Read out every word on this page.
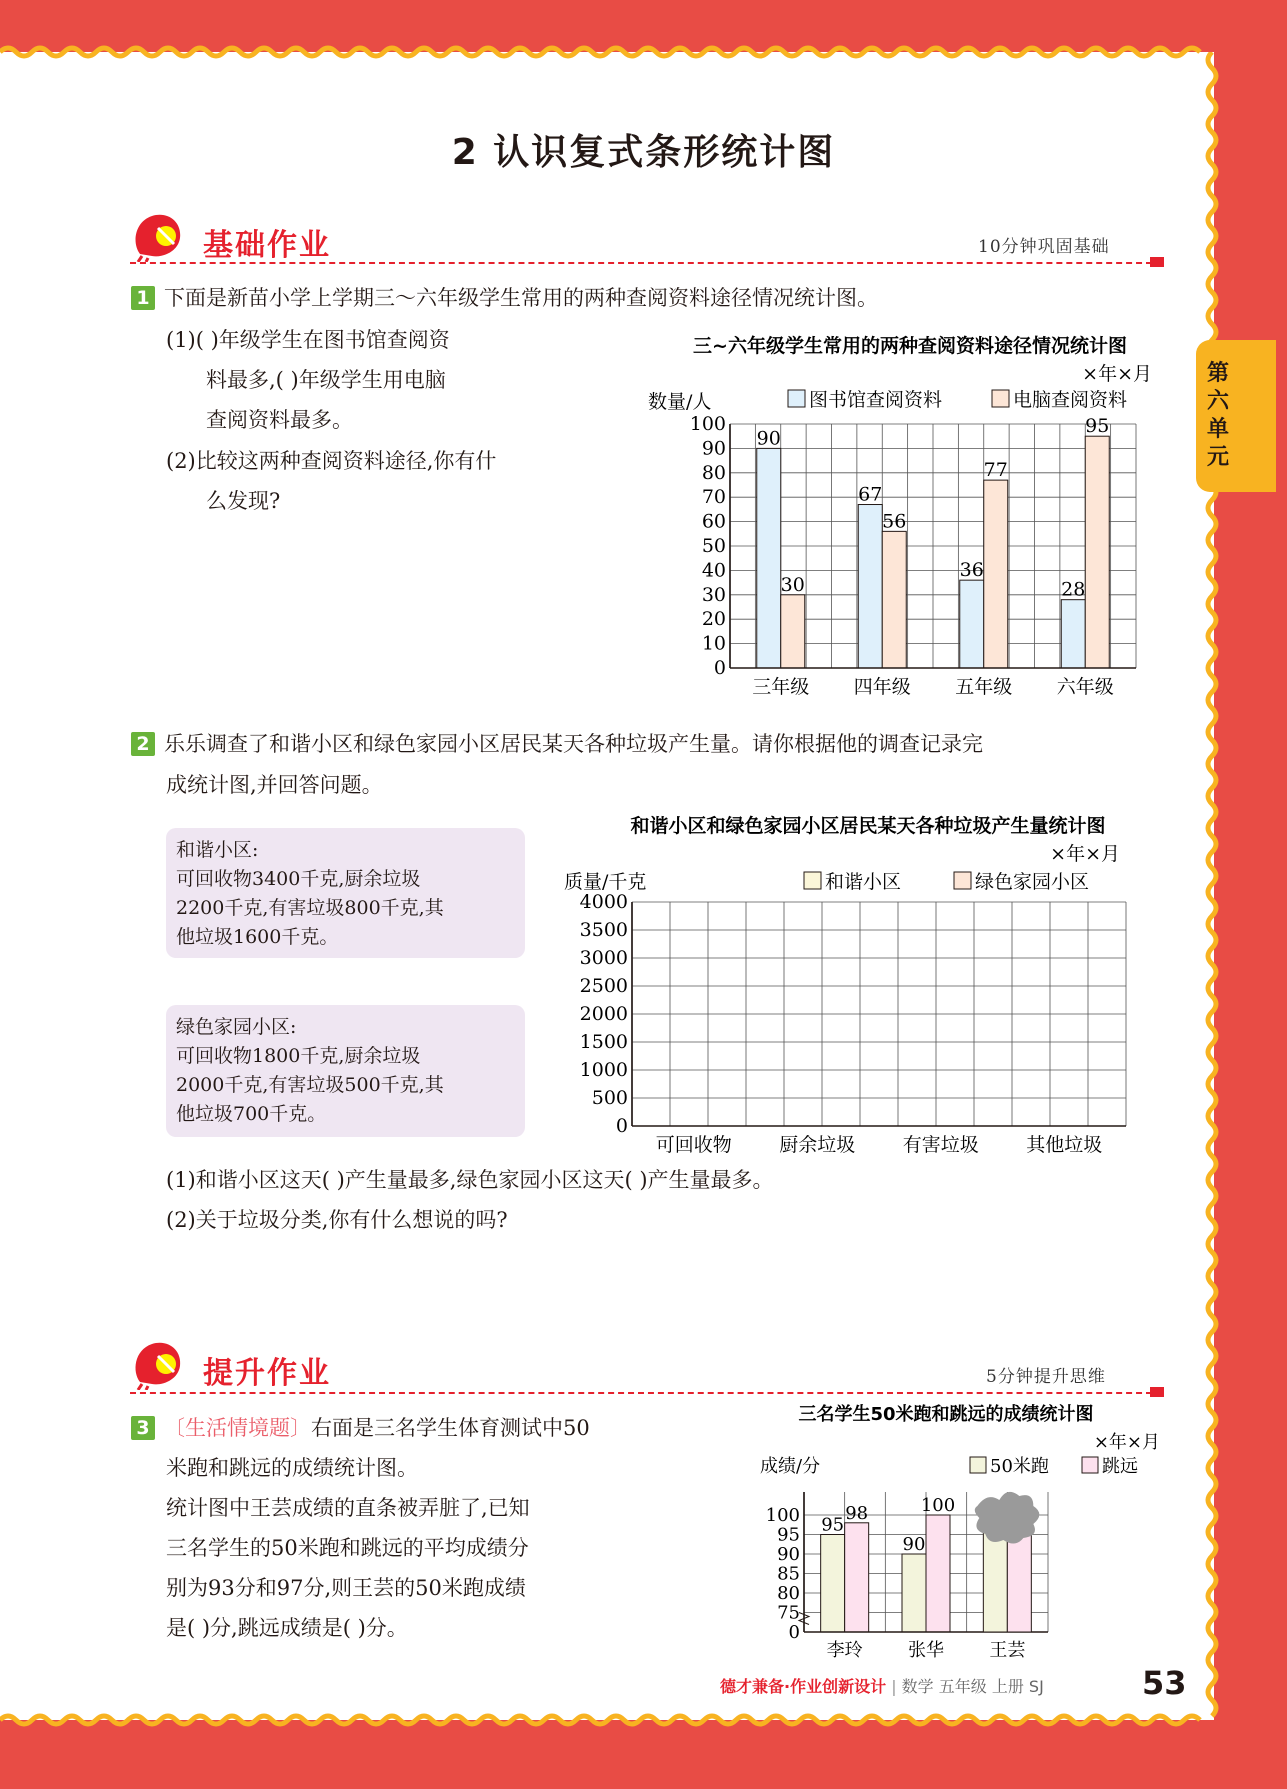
第六单元
2 认识复式条形统计图
基础作业	10分钟巩固基础
1 下面是新苗小学上学期三～六年级学生常用的两种查阅资料途径情况统计图。
(1)( )年级学生在图书馆查阅资
料最多,( )年级学生用电脑
查阅资料最多。
(2)比较这两种查阅资料途径,你有什
么发现?
三~六年级学生常用的两种查阅资料途径情况统计图
×年×月
数量/人	图书馆查阅资料	电脑查阅资料
0
10
20
30
40
50
60
70
80
90
100
三年级
90
30
四年级
67
56
五年级
36
77
六年级
28
95
2 乐乐调查了和谐小区和绿色家园小区居民某天各种垃圾产生量。请你根据他的调查记录完
成统计图,并回答问题。
和谐小区:
可回收物3400千克,厨余垃圾
2200千克,有害垃圾800千克,其
他垃圾1600千克。
绿色家园小区:
可回收物1800千克,厨余垃圾
2000千克,有害垃圾500千克,其
他垃圾700千克。
和谐小区和绿色家园小区居民某天各种垃圾产生量统计图
×年×月
质量/千克	和谐小区	绿色家园小区
0
500
1000
1500
2000
2500
3000
3500
4000
可回收物 厨余垃圾 有害垃圾 其他垃圾
(1)和谐小区这天( )产生量最多,绿色家园小区这天( )产生量最多。
(2)关于垃圾分类,你有什么想说的吗?
提升作业	5分钟提升思维
3 〔生活情境题〕右面是三名学生体育测试中50
米跑和跳远的成绩统计图。
统计图中王芸成绩的直条被弄脏了,已知
三名学生的50米跑和跳远的平均成绩分
别为93分和97分,则王芸的50米跑成绩
是( )分,跳远成绩是( )分。
三名学生50米跑和跳远的成绩统计图
×年×月
成绩/分	50米跑	跳远
0
75
80
85
90
95
100
李玲
95
98
张华
90
100
王芸
德才兼备·作业创新设计 | 数学 五年级 上册 SJ	53
